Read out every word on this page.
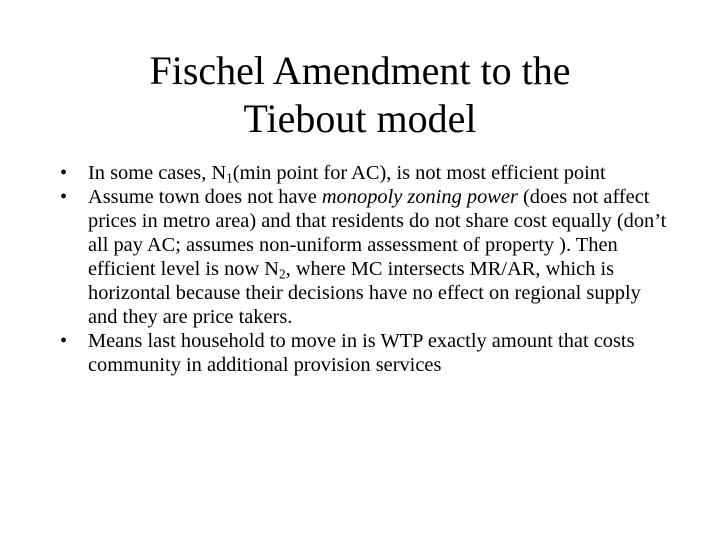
Fischel Amendment to the
Tiebout model
• In some cases, $N_1(\min$ point for AC), is not most efficient point
• Assume town does not have monopoly zoning power (does not affect prices in metro area) and that residents do not share cost equally (don’t all pay AC; assumes non-uniform assessment of property ). Then efficient level is now $N_2$, where MC intersects MR/AR, which is horizontal because their decisions have no effect on regional supply and they are price takers.
• Means last household to move in is WTP exactly amount that costs community in additional provision services
